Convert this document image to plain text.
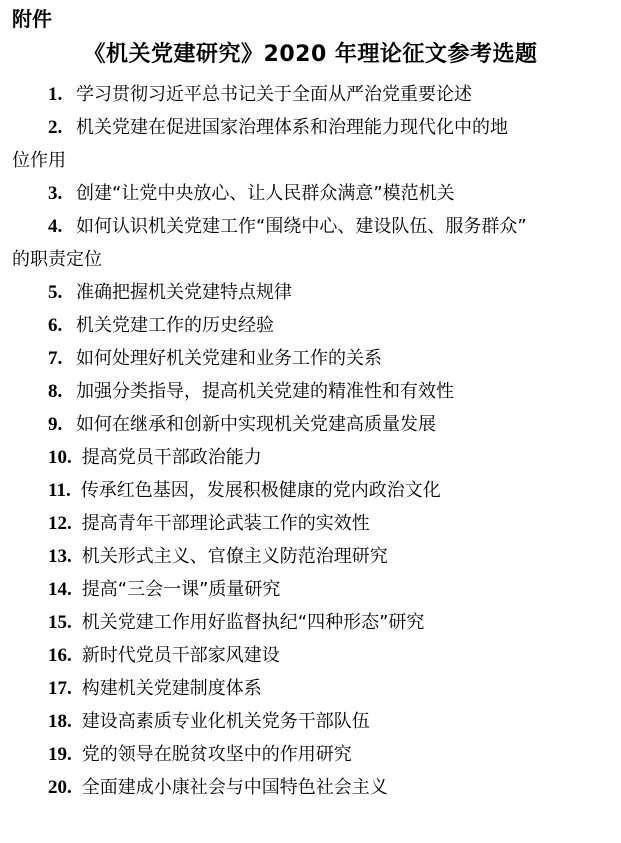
附件
《机关党建研究》2020 年理论征文参考选题
1. 学习贯彻习近平总书记关于全面从严治党重要论述
2. 机关党建在促进国家治理体系和治理能力现代化中的地
位作用
3. 创建“让党中央放心、让人民群众满意”模范机关
4. 如何认识机关党建工作“围绕中心、建设队伍、服务群众”
的职责定位
5. 准确把握机关党建特点规律
6. 机关党建工作的历史经验
7. 如何处理好机关党建和业务工作的关系
8. 加强分类指导，提高机关党建的精准性和有效性
9. 如何在继承和创新中实现机关党建高质量发展
10. 提高党员干部政治能力
11. 传承红色基因，发展积极健康的党内政治文化
12. 提高青年干部理论武装工作的实效性
13. 机关形式主义、官僚主义防范治理研究
14. 提高“三会一课”质量研究
15. 机关党建工作用好监督执纪“四种形态”研究
16. 新时代党员干部家风建设
17. 构建机关党建制度体系
18. 建设高素质专业化机关党务干部队伍
19. 党的领导在脱贫攻坚中的作用研究
20. 全面建成小康社会与中国特色社会主义
